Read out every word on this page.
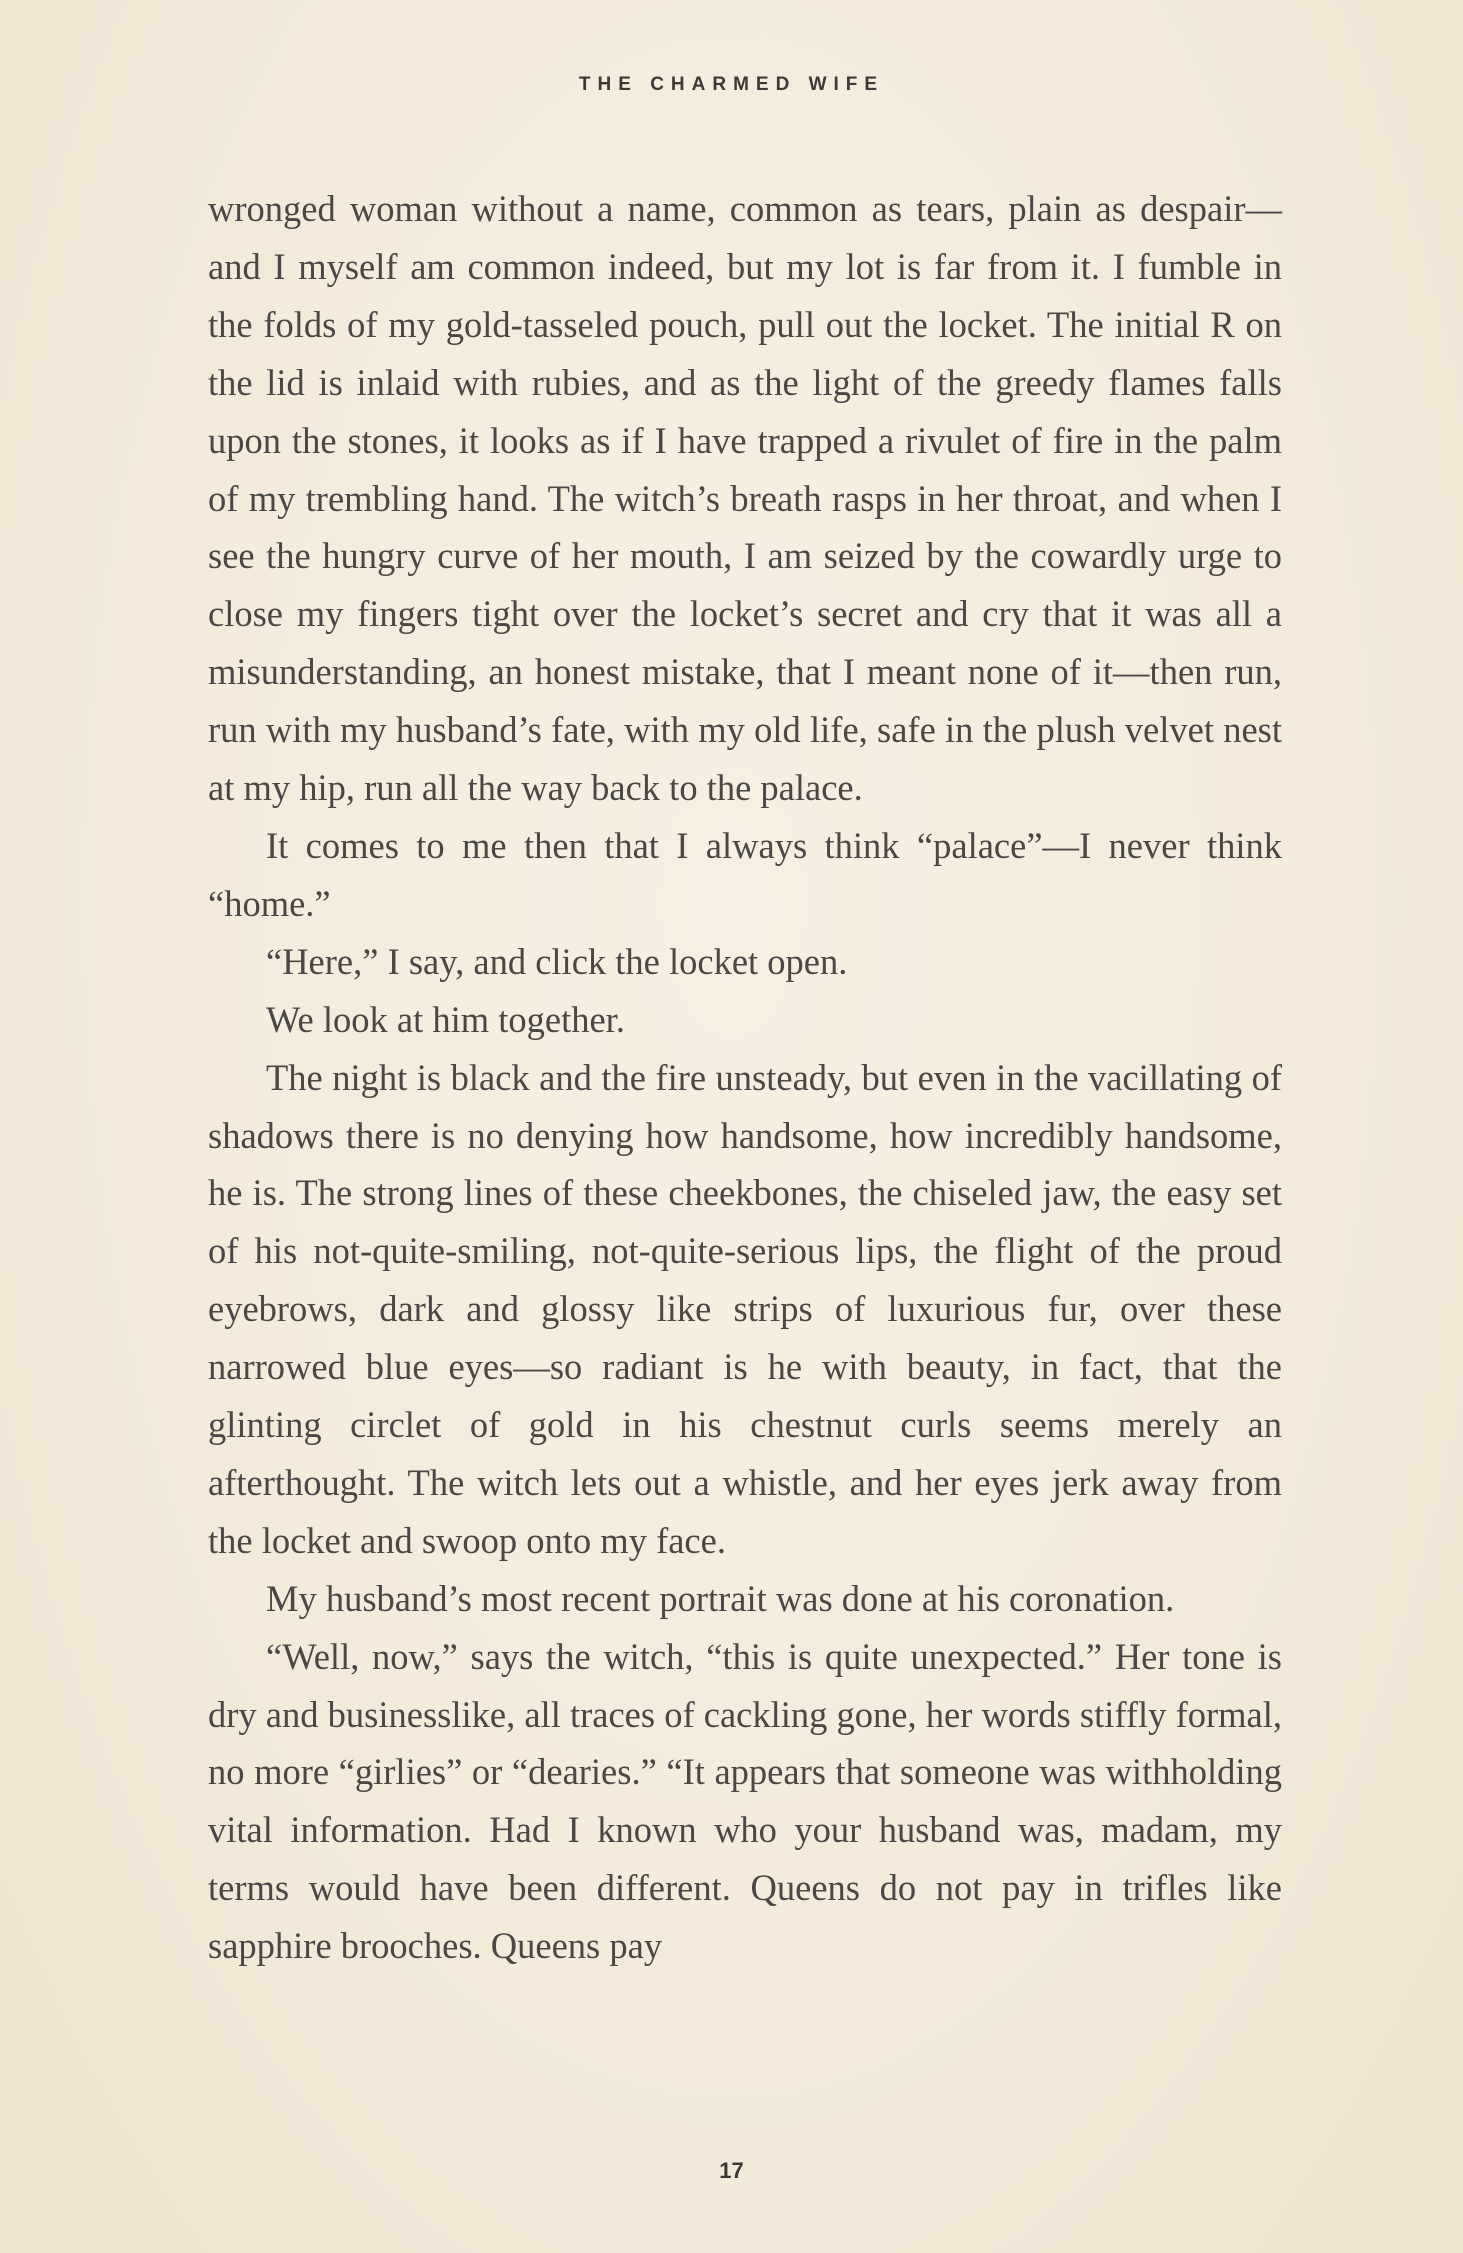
THE CHARMED WIFE

wronged woman without a name, common as tears, plain as despair—and I myself am common indeed, but my lot is far from it. I fumble in the folds of my gold-tasseled pouch, pull out the locket. The initial R on the lid is inlaid with rubies, and as the light of the greedy flames falls upon the stones, it looks as if I have trapped a rivulet of fire in the palm of my trembling hand. The witch’s breath rasps in her throat, and when I see the hungry curve of her mouth, I am seized by the cowardly urge to close my fingers tight over the locket’s secret and cry that it was all a misunderstanding, an honest mistake, that I meant none of it—then run, run with my husband’s fate, with my old life, safe in the plush velvet nest at my hip, run all the way back to the palace.

It comes to me then that I always think “palace”—I never think “home.”

“Here,” I say, and click the locket open.

We look at him together.

The night is black and the fire unsteady, but even in the vacillating of shadows there is no denying how handsome, how incredibly handsome, he is. The strong lines of these cheekbones, the chiseled jaw, the easy set of his not-quite-smiling, not-quite-serious lips, the flight of the proud eyebrows, dark and glossy like strips of luxurious fur, over these narrowed blue eyes—so radiant is he with beauty, in fact, that the glinting circlet of gold in his chestnut curls seems merely an afterthought. The witch lets out a whistle, and her eyes jerk away from the locket and swoop onto my face.

My husband’s most recent portrait was done at his coronation.

“Well, now,” says the witch, “this is quite unexpected.” Her tone is dry and businesslike, all traces of cackling gone, her words stiffly formal, no more “girlies” or “dearies.” “It appears that someone was withholding vital information. Had I known who your husband was, madam, my terms would have been different. Queens do not pay in trifles like sapphire brooches. Queens pay

17
